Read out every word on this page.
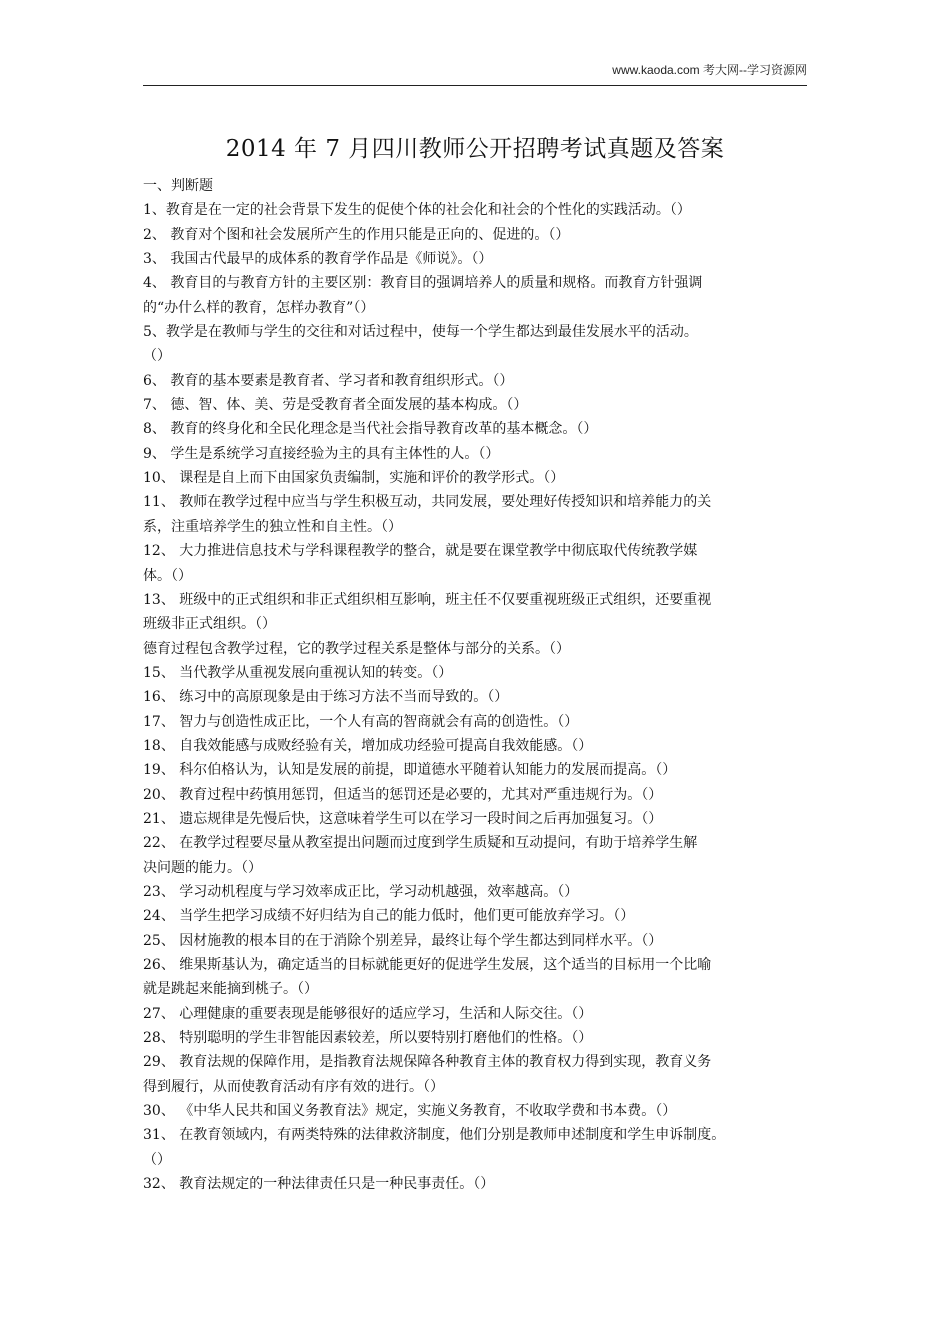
www.kaoda.com 考大网--学习资源网
2014 年 7 月四川教师公开招聘考试真题及答案
一、判断题
1、教育是在一定的社会背景下发生的促使个体的社会化和社会的个性化的实践活动。（）
2、 教育对个图和社会发展所产生的作用只能是正向的、促进的。（）
3、 我国古代最早的成体系的教育学作品是《师说》。（）
4、 教育目的与教育方针的主要区别：教育目的强调培养人的质量和规格。而教育方针强调
的“办什么样的教育，怎样办教育”（）
5、教学是在教师与学生的交往和对话过程中，使每一个学生都达到最佳发展水平的活动。
（）
6、 教育的基本要素是教育者、学习者和教育组织形式。（）
7、 德、智、体、美、劳是受教育者全面发展的基本构成。（）
8、 教育的终身化和全民化理念是当代社会指导教育改革的基本概念。（）
9、 学生是系统学习直接经验为主的具有主体性的人。（）
10、 课程是自上而下由国家负责编制，实施和评价的教学形式。（）
11、 教师在教学过程中应当与学生积极互动，共同发展，要处理好传授知识和培养能力的关
系，注重培养学生的独立性和自主性。（）
12、 大力推进信息技术与学科课程教学的整合，就是要在课堂教学中彻底取代传统教学媒
体。（）
13、 班级中的正式组织和非正式组织相互影响，班主任不仅要重视班级正式组织，还要重视
班级非正式组织。（）
德育过程包含教学过程，它的教学过程关系是整体与部分的关系。（）
15、 当代教学从重视发展向重视认知的转变。（）
16、 练习中的高原现象是由于练习方法不当而导致的。（）
17、 智力与创造性成正比，一个人有高的智商就会有高的创造性。（）
18、 自我效能感与成败经验有关，增加成功经验可提高自我效能感。（）
19、 科尔伯格认为，认知是发展的前提，即道德水平随着认知能力的发展而提高。（）
20、 教育过程中药慎用惩罚，但适当的惩罚还是必要的，尤其对严重违规行为。（）
21、 遗忘规律是先慢后快，这意味着学生可以在学习一段时间之后再加强复习。（）
22、 在教学过程要尽量从教室提出问题而过度到学生质疑和互动提问，有助于培养学生解
决问题的能力。（）
23、 学习动机程度与学习效率成正比，学习动机越强，效率越高。（）
24、 当学生把学习成绩不好归结为自己的能力低时，他们更可能放弃学习。（）
25、 因材施教的根本目的在于消除个别差异，最终让每个学生都达到同样水平。（）
26、 维果斯基认为，确定适当的目标就能更好的促进学生发展，这个适当的目标用一个比喻
就是跳起来能摘到桃子。（）
27、 心理健康的重要表现是能够很好的适应学习，生活和人际交往。（）
28、 特别聪明的学生非智能因素较差，所以要特别打磨他们的性格。（）
29、 教育法规的保障作用，是指教育法规保障各种教育主体的教育权力得到实现，教育义务
得到履行，从而使教育活动有序有效的进行。（）
30、 《中华人民共和国义务教育法》规定，实施义务教育，不收取学费和书本费。（）
31、 在教育领域内，有两类特殊的法律救济制度，他们分别是教师申述制度和学生申诉制度。
（）
32、 教育法规定的一种法律责任只是一种民事责任。（）
